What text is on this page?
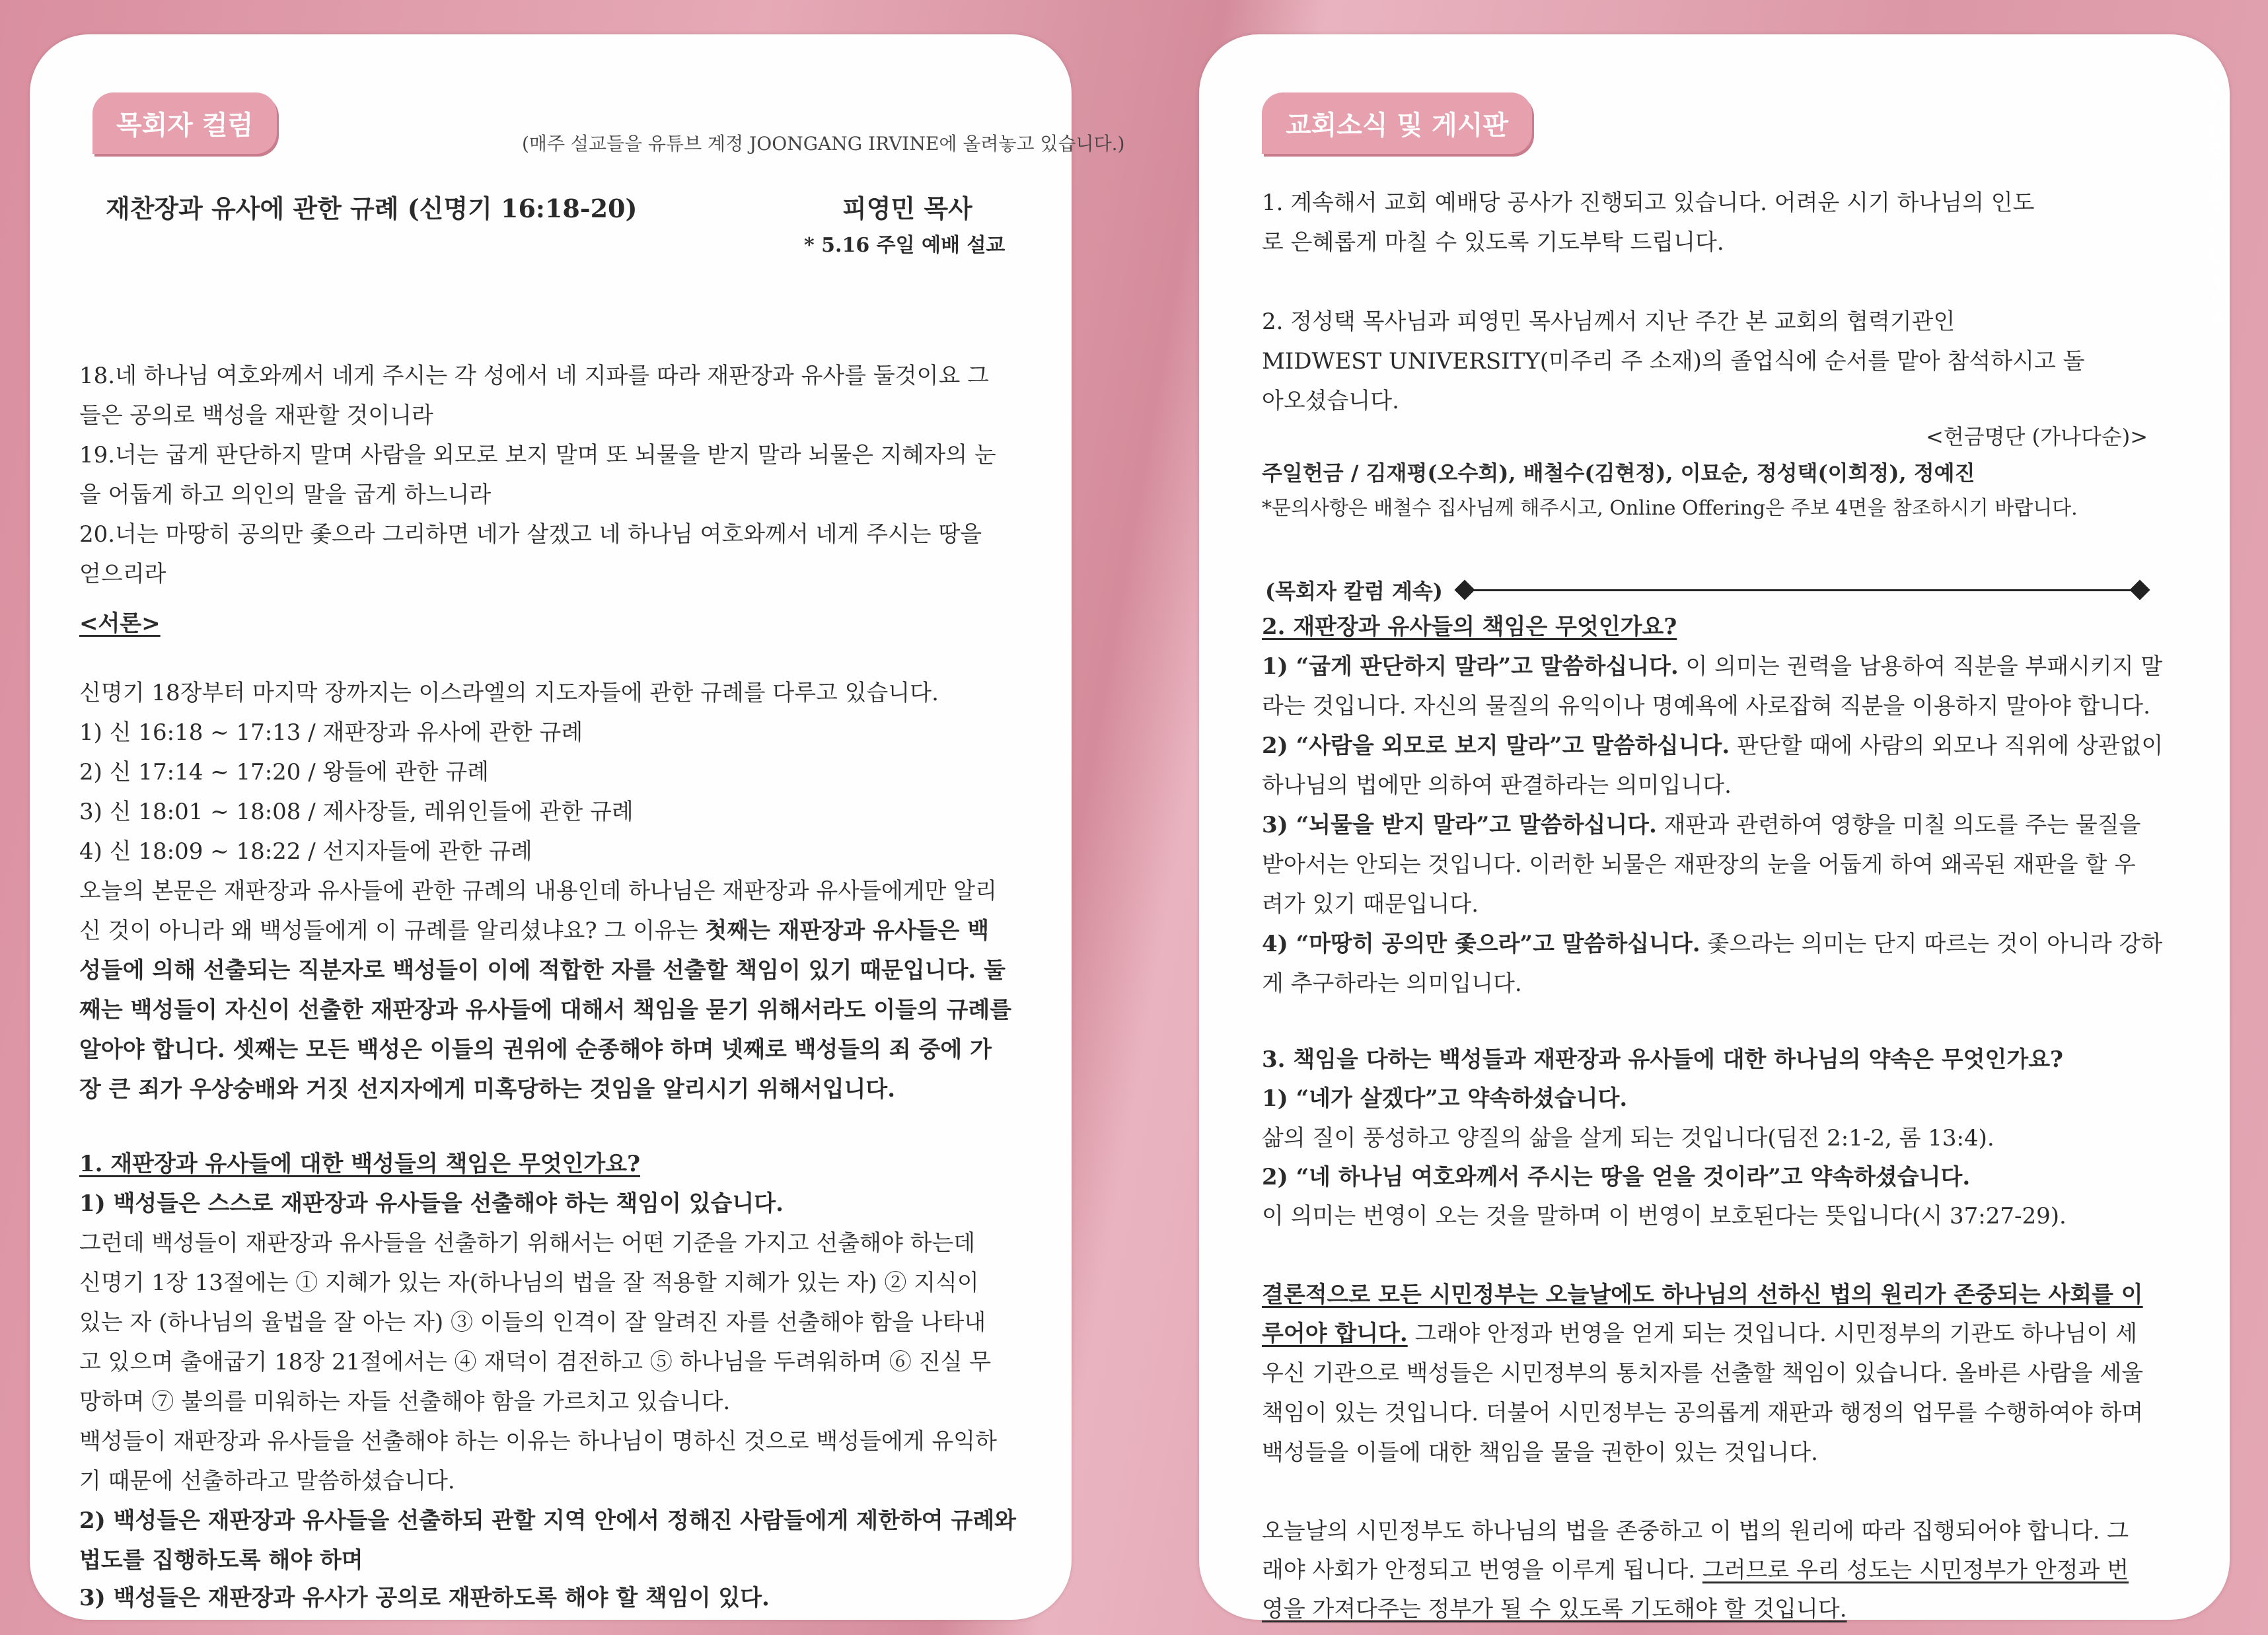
목회자 컬럼
(매주 설교들을 유튜브 계정 JOONGANG IRVINE에 올려놓고 있습니다.)
재찬장과 유사에 관한 규례 (신명기 16:18-20)	피영민 목사
* 5.16 주일 예배 설교
18.네 하나님 여호와께서 네게 주시는 각 성에서 네 지파를 따라 재판장과 유사를 둘것이요 그
들은 공의로 백성을 재판할 것이니라
19.너는 굽게 판단하지 말며 사람을 외모로 보지 말며 또 뇌물을 받지 말라 뇌물은 지혜자의 눈
을 어둡게 하고 의인의 말을 굽게 하느니라
20.너는 마땅히 공의만 좇으라 그리하면 네가 살겠고 네 하나님 여호와께서 네게 주시는 땅을
얻으리라
<서론>
신명기 18장부터 마지막 장까지는 이스라엘의 지도자들에 관한 규례를 다루고 있습니다.
1) 신 16:18 ~ 17:13 / 재판장과 유사에 관한 규례
2) 신 17:14 ~ 17:20 / 왕들에 관한 규례
3) 신 18:01 ~ 18:08 / 제사장들, 레위인들에 관한 규례
4) 신 18:09 ~ 18:22 / 선지자들에 관한 규례
오늘의 본문은 재판장과 유사들에 관한 규례의 내용인데 하나님은 재판장과 유사들에게만 알리
신 것이 아니라 왜 백성들에게 이 규례를 알리셨냐요? 그 이유는 첫째는 재판장과 유사들은 백
성들에 의해 선출되는 직분자로 백성들이 이에 적합한 자를 선출할 책임이 있기 때문입니다. 둘
째는 백성들이 자신이 선출한 재판장과 유사들에 대해서 책임을 묻기 위해서라도 이들의 규례를
알아야 합니다. 셋째는 모든 백성은 이들의 권위에 순종해야 하며 넷째로 백성들의 죄 중에 가
장 큰 죄가 우상숭배와 거짓 선지자에게 미혹당하는 것임을 알리시기 위해서입니다.
1. 재판장과 유사들에 대한 백성들의 책임은 무엇인가요?
1) 백성들은 스스로 재판장과 유사들을 선출해야 하는 책임이 있습니다.
그런데 백성들이 재판장과 유사들을 선출하기 위해서는 어떤 기준을 가지고 선출해야 하는데
신명기 1장 13절에는 ① 지혜가 있는 자(하나님의 법을 잘 적용할 지혜가 있는 자) ② 지식이
있는 자 (하나님의 율법을 잘 아는 자) ③ 이들의 인격이 잘 알려진 자를 선출해야 함을 나타내
고 있으며 출애굽기 18장 21절에서는 ④ 재덕이 겸전하고 ⑤ 하나님을 두려워하며 ⑥ 진실 무
망하며 ⑦ 불의를 미워하는 자들 선출해야 함을 가르치고 있습니다.
백성들이 재판장과 유사들을 선출해야 하는 이유는 하나님이 명하신 것으로 백성들에게 유익하
기 때문에 선출하라고 말씀하셨습니다.
2) 백성들은 재판장과 유사들을 선출하되 관할 지역 안에서 정해진 사람들에게 제한하여 규례와
법도를 집행하도록 해야 하며
3) 백성들은 재판장과 유사가 공의로 재판하도록 해야 할 책임이 있다.
교회소식 및 게시판
1. 계속해서 교회 예배당 공사가 진행되고 있습니다. 어려운 시기 하나님의 인도
로 은혜롭게 마칠 수 있도록 기도부탁 드립니다.
2. 정성택 목사님과 피영민 목사님께서 지난 주간 본 교회의 협력기관인
MIDWEST UNIVERSITY(미주리 주 소재)의 졸업식에 순서를 맡아 참석하시고 돌
아오셨습니다.
<헌금명단 (가나다순)>
주일헌금 / 김재평(오수희), 배철수(김현정), 이묘순, 정성택(이희정), 정예진
*문의사항은 배철수 집사님께 해주시고, Online Offering은 주보 4면을 참조하시기 바랍니다.
(목회자 칼럼 계속)
2. 재판장과 유사들의 책임은 무엇인가요?
1) “굽게 판단하지 말라”고 말씀하십니다. 이 의미는 권력을 남용하여 직분을 부패시키지 말
라는 것입니다. 자신의 물질의 유익이나 명예욕에 사로잡혀 직분을 이용하지 말아야 합니다.
2) “사람을 외모로 보지 말라”고 말씀하십니다. 판단할 때에 사람의 외모나 직위에 상관없이
하나님의 법에만 의하여 판결하라는 의미입니다.
3) “뇌물을 받지 말라”고 말씀하십니다. 재판과 관련하여 영향을 미칠 의도를 주는 물질을
받아서는 안되는 것입니다. 이러한 뇌물은 재판장의 눈을 어둡게 하여 왜곡된 재판을 할 우
려가 있기 때문입니다.
4) “마땅히 공의만 좇으라”고 말씀하십니다. 좇으라는 의미는 단지 따르는 것이 아니라 강하
게 추구하라는 의미입니다.
3. 책임을 다하는 백성들과 재판장과 유사들에 대한 하나님의 약속은 무엇인가요?
1) “네가 살겠다”고 약속하셨습니다.
삶의 질이 풍성하고 양질의 삶을 살게 되는 것입니다(딤전 2:1-2, 롬 13:4).
2) “네 하나님 여호와께서 주시는 땅을 얻을 것이라”고 약속하셨습니다.
이 의미는 번영이 오는 것을 말하며 이 번영이 보호된다는 뜻입니다(시 37:27-29).
결론적으로 모든 시민정부는 오늘날에도 하나님의 선하신 법의 원리가 존중되는 사회를 이
루어야 합니다. 그래야 안정과 번영을 얻게 되는 것입니다. 시민정부의 기관도 하나님이 세
우신 기관으로 백성들은 시민정부의 통치자를 선출할 책임이 있습니다. 올바른 사람을 세울
책임이 있는 것입니다. 더불어 시민정부는 공의롭게 재판과 행정의 업무를 수행하여야 하며
백성들을 이들에 대한 책임을 물을 권한이 있는 것입니다.
오늘날의 시민정부도 하나님의 법을 존중하고 이 법의 원리에 따라 집행되어야 합니다. 그
래야 사회가 안정되고 번영을 이루게 됩니다. 그러므로 우리 성도는 시민정부가 안정과 번
영을 가져다주는 정부가 될 수 있도록 기도해야 할 것입니다.
목회자 칼럼 교회소식 및 게시판
